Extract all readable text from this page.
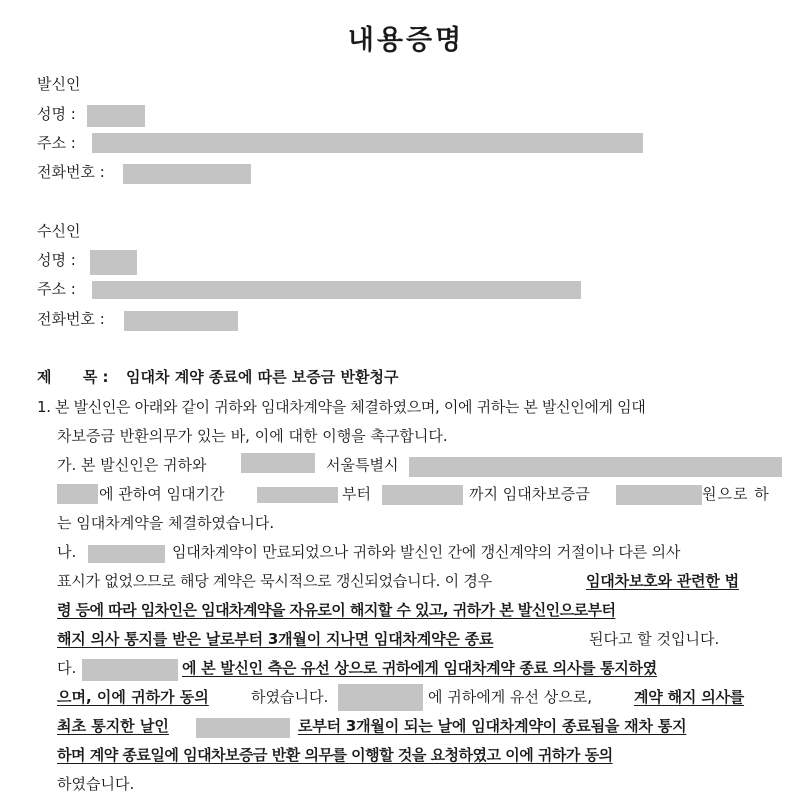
내용증명
발신인
성명 :
주소 :
전화번호 :
수신인
성명 :
주소 :
전화번호 :
제      목 : 임대차 계약 종료에 따른 보증금 반환청구
1. 본 발신인은 아래와 같이 귀하와 임대차계약을 체결하였으며, 이에 귀하는 본 발신인에게 임대
차보증금 반환의무가 있는 바, 이에 대한 이행을 촉구합니다.
가. 본 발신인은 귀하와	서울특별시
에 관하여 임대기간	부터	까지 임대차보증금	원으로 하
는 임대차계약을 체결하였습니다.
나.	임대차계약이 만료되었으나 귀하와 발신인 간에 갱신계약의 거절이나 다른 의사
표시가 없었으므로 해당 계약은 묵시적으로 갱신되었습니다. 이 경우	임대차보호와 관련한 법
령 등에 따라 임차인은 임대차계약을 자유로이 해지할 수 있고, 귀하가 본 발신인으로부터
해지 의사 통지를 받은 날로부터 3개월이 지나면 임대차계약은 종료	된다고 할 것입니다.
다.	에 본 발신인 측은 유선 상으로 귀하에게 임대차계약 종료 의사를 통지하였
으며, 이에 귀하가 동의	하였습니다.	에 귀하에게 유선 상으로,	계약 해지 의사를
최초 통지한 날인	로부터 3개월이 되는 날에 임대차계약이 종료됨을 재차 통지
하며 계약 종료일에 임대차보증금 반환 의무를 이행할 것을 요청하였고 이에 귀하가 동의
하였습니다.
